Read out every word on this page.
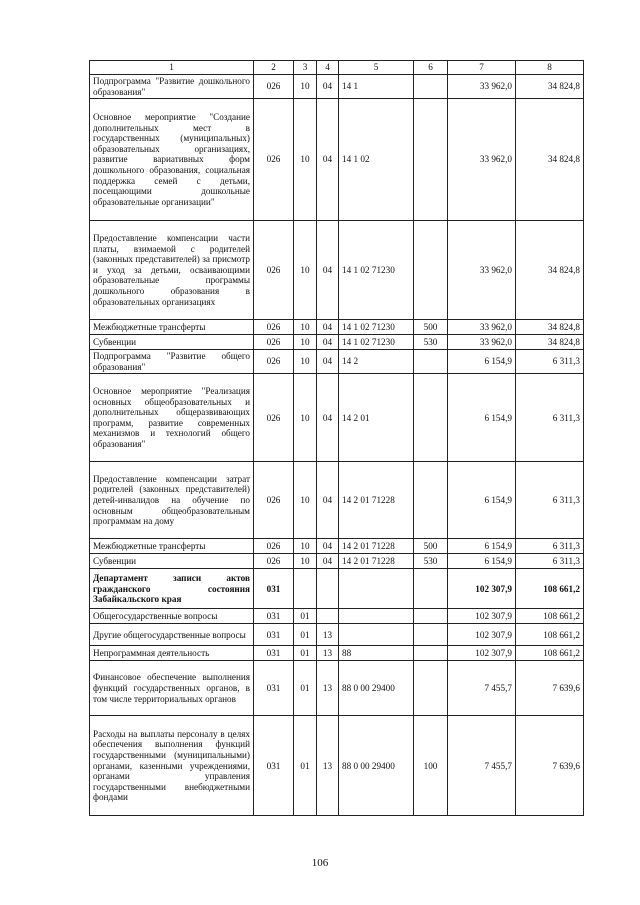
1	2	3	4	5	6	7	8
Подпрограмма "Развитие дошкольного образования"	026	10	04	14 1		33 962,0	34 824,8
Основное мероприятие "Создание дополнительных мест в государственных (муниципальных) образовательных организациях, развитие вариативных форм дошкольного образования, социальная поддержка семей с детьми, посещающими дошкольные образовательные организации"	026	10	04	14 1 02		33 962,0	34 824,8
Предоставление компенсации части платы, взимаемой с родителей (законных представителей) за присмотр и уход за детьми, осваивающими образовательные программы дошкольного образования в образовательных организациях	026	10	04	14 1 02 71230		33 962,0	34 824,8
Межбюджетные трансферты	026	10	04	14 1 02 71230	500	33 962,0	34 824,8
Субвенции	026	10	04	14 1 02 71230	530	33 962,0	34 824,8
Подпрограмма "Развитие общего образования"	026	10	04	14 2		6 154,9	6 311,3
Основное мероприятие "Реализация основных общеобразовательных и дополнительных общеразвивающих программ, развитие современных механизмов и технологий общего образования"	026	10	04	14 2 01		6 154,9	6 311,3
Предоставление компенсации затрат родителей (законных представителей) детей-инвалидов на обучение по основным общеобразовательным программам на дому	026	10	04	14 2 01 71228		6 154,9	6 311,3
Межбюджетные трансферты	026	10	04	14 2 01 71228	500	6 154,9	6 311,3
Субвенции	026	10	04	14 2 01 71228	530	6 154,9	6 311,3
Департамент записи актов гражданского состояния Забайкальского края	031					102 307,9	108 661,2
Общегосударственные вопросы	031	01				102 307,9	108 661,2
Другие общегосударственные вопросы	031	01	13			102 307,9	108 661,2
Непрограммная деятельность	031	01	13	88		102 307,9	108 661,2
Финансовое обеспечение выполнения функций государственных органов, в том числе территориальных органов	031	01	13	88 0 00 29400		7 455,7	7 639,6
Расходы на выплаты персоналу в целях обеспечения выполнения функций государственными (муниципальными) органами, казенными учреждениями, органами управления государственными внебюджетными фондами	031	01	13	88 0 00 29400	100	7 455,7	7 639,6
106
